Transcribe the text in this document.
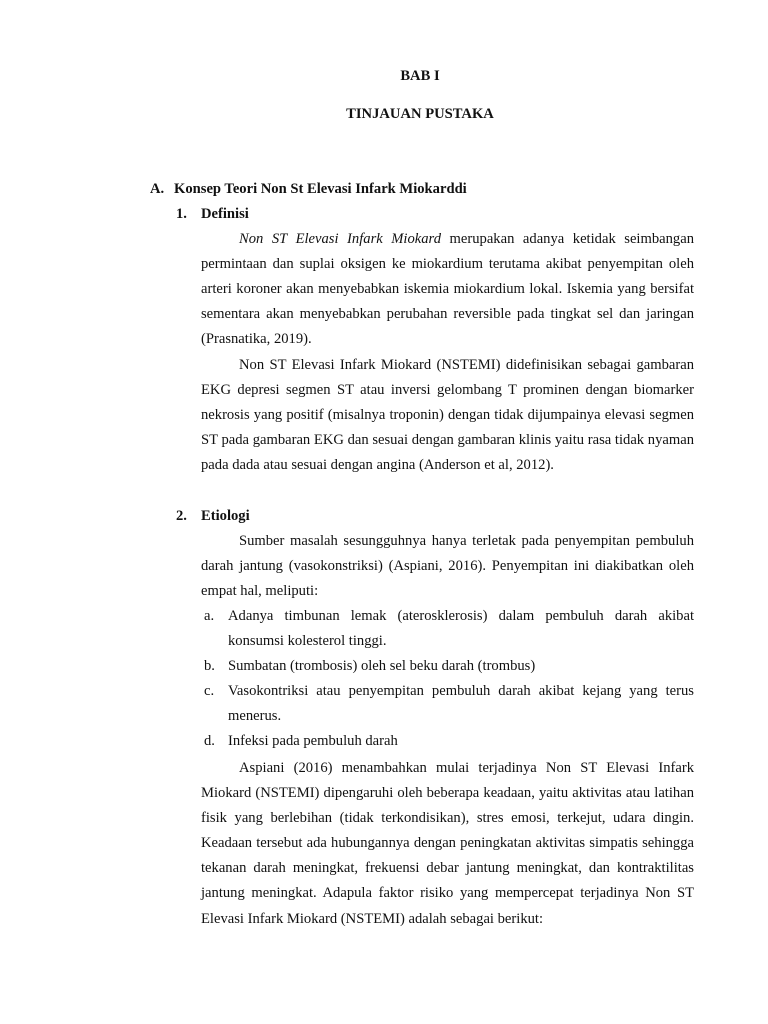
BAB I
TINJAUAN PUSTAKA
A. Konsep Teori Non St Elevasi Infark Miokarddi
1. Definisi

Non ST Elevasi Infark Miokard merupakan adanya ketidak seimbangan permintaan dan suplai oksigen ke miokardium terutama akibat penyempitan oleh arteri koroner akan menyebabkan iskemia miokardium lokal. Iskemia yang bersifat sementara akan menyebabkan perubahan reversible pada tingkat sel dan jaringan (Prasnatika, 2019).

Non ST Elevasi Infark Miokard (NSTEMI) didefinisikan sebagai gambaran EKG depresi segmen ST atau inversi gelombang T prominen dengan biomarker nekrosis yang positif (misalnya troponin) dengan tidak dijumpainya elevasi segmen ST pada gambaran EKG dan sesuai dengan gambaran klinis yaitu rasa tidak nyaman pada dada atau sesuai dengan angina (Anderson et al, 2012).

2. Etiologi

Sumber masalah sesungguhnya hanya terletak pada penyempitan pembuluh darah jantung (vasokonstriksi) (Aspiani, 2016). Penyempitan ini diakibatkan oleh empat hal, meliputi:

a. Adanya timbunan lemak (aterosklerosis) dalam pembuluh darah akibat konsumsi kolesterol tinggi.
b. Sumbatan (trombosis) oleh sel beku darah (trombus)
c. Vasokontriksi atau penyempitan pembuluh darah akibat kejang yang terus menerus.
d. Infeksi pada pembuluh darah

Aspiani (2016) menambahkan mulai terjadinya Non ST Elevasi Infark Miokard (NSTEMI) dipengaruhi oleh beberapa keadaan, yaitu aktivitas atau latihan fisik yang berlebihan (tidak terkondisikan), stres emosi, terkejut, udara dingin. Keadaan tersebut ada hubungannya dengan peningkatan aktivitas simpatis sehingga tekanan darah meningkat, frekuensi debar jantung meningkat, dan kontraktilitas jantung meningkat. Adapula faktor risiko yang mempercepat terjadinya Non ST Elevasi Infark Miokard (NSTEMI) adalah sebagai berikut:
